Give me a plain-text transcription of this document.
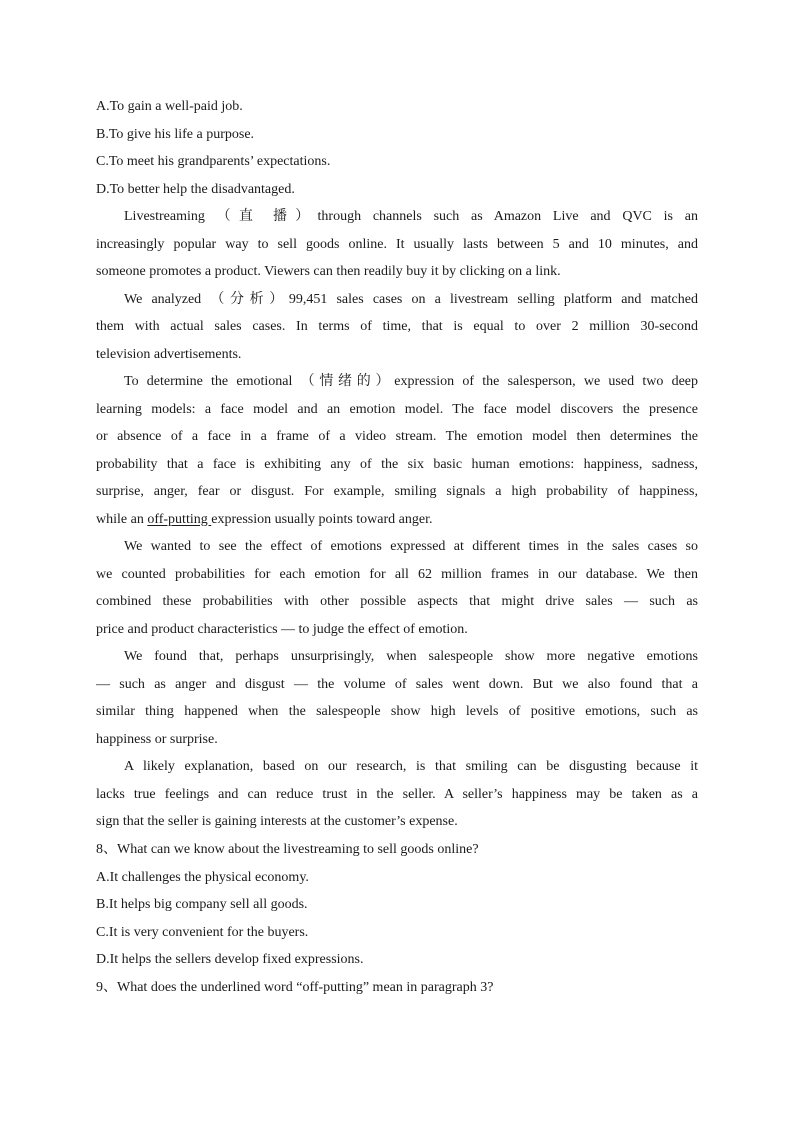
A.To gain a well-paid job.
B.To give his life a purpose.
C.To meet his grandparents’ expectations.
D.To better help the disadvantaged.
Livestreaming （直 播）through channels such as Amazon Live and QVC is an
increasingly popular way to sell goods online. It usually lasts between 5 and 10 minutes, and
someone promotes a product. Viewers can then readily buy it by clicking on a link.
We analyzed （分析）99,451 sales cases on a livestream selling platform and matched
them with actual sales cases. In terms of time, that is equal to over 2 million 30-second
television advertisements.
To determine the emotional （情绪的）expression of the salesperson, we used two deep
learning models: a face model and an emotion model. The face model discovers the presence
or absence of a face in a frame of a video stream. The emotion model then determines the
probability that a face is exhibiting any of the six basic human emotions: happiness, sadness,
surprise, anger, fear or disgust. For example, smiling signals a high probability of happiness,
while an off-putting expression usually points toward anger.
We wanted to see the effect of emotions expressed at different times in the sales cases so
we counted probabilities for each emotion for all 62 million frames in our database. We then
combined these probabilities with other possible aspects that might drive sales — such as
price and product characteristics — to judge the effect of emotion.
We found that, perhaps unsurprisingly, when salespeople show more negative emotions
— such as anger and disgust — the volume of sales went down. But we also found that a
similar thing happened when the salespeople show high levels of positive emotions, such as
happiness or surprise.
A likely explanation, based on our research, is that smiling can be disgusting because it
lacks true feelings and can reduce trust in the seller. A seller’s happiness may be taken as a
sign that the seller is gaining interests at the customer’s expense.
8、What can we know about the livestreaming to sell goods online?
A.It challenges the physical economy.
B.It helps big company sell all goods.
C.It is very convenient for the buyers.
D.It helps the sellers develop fixed expressions.
9、What does the underlined word “off-putting” mean in paragraph 3?
